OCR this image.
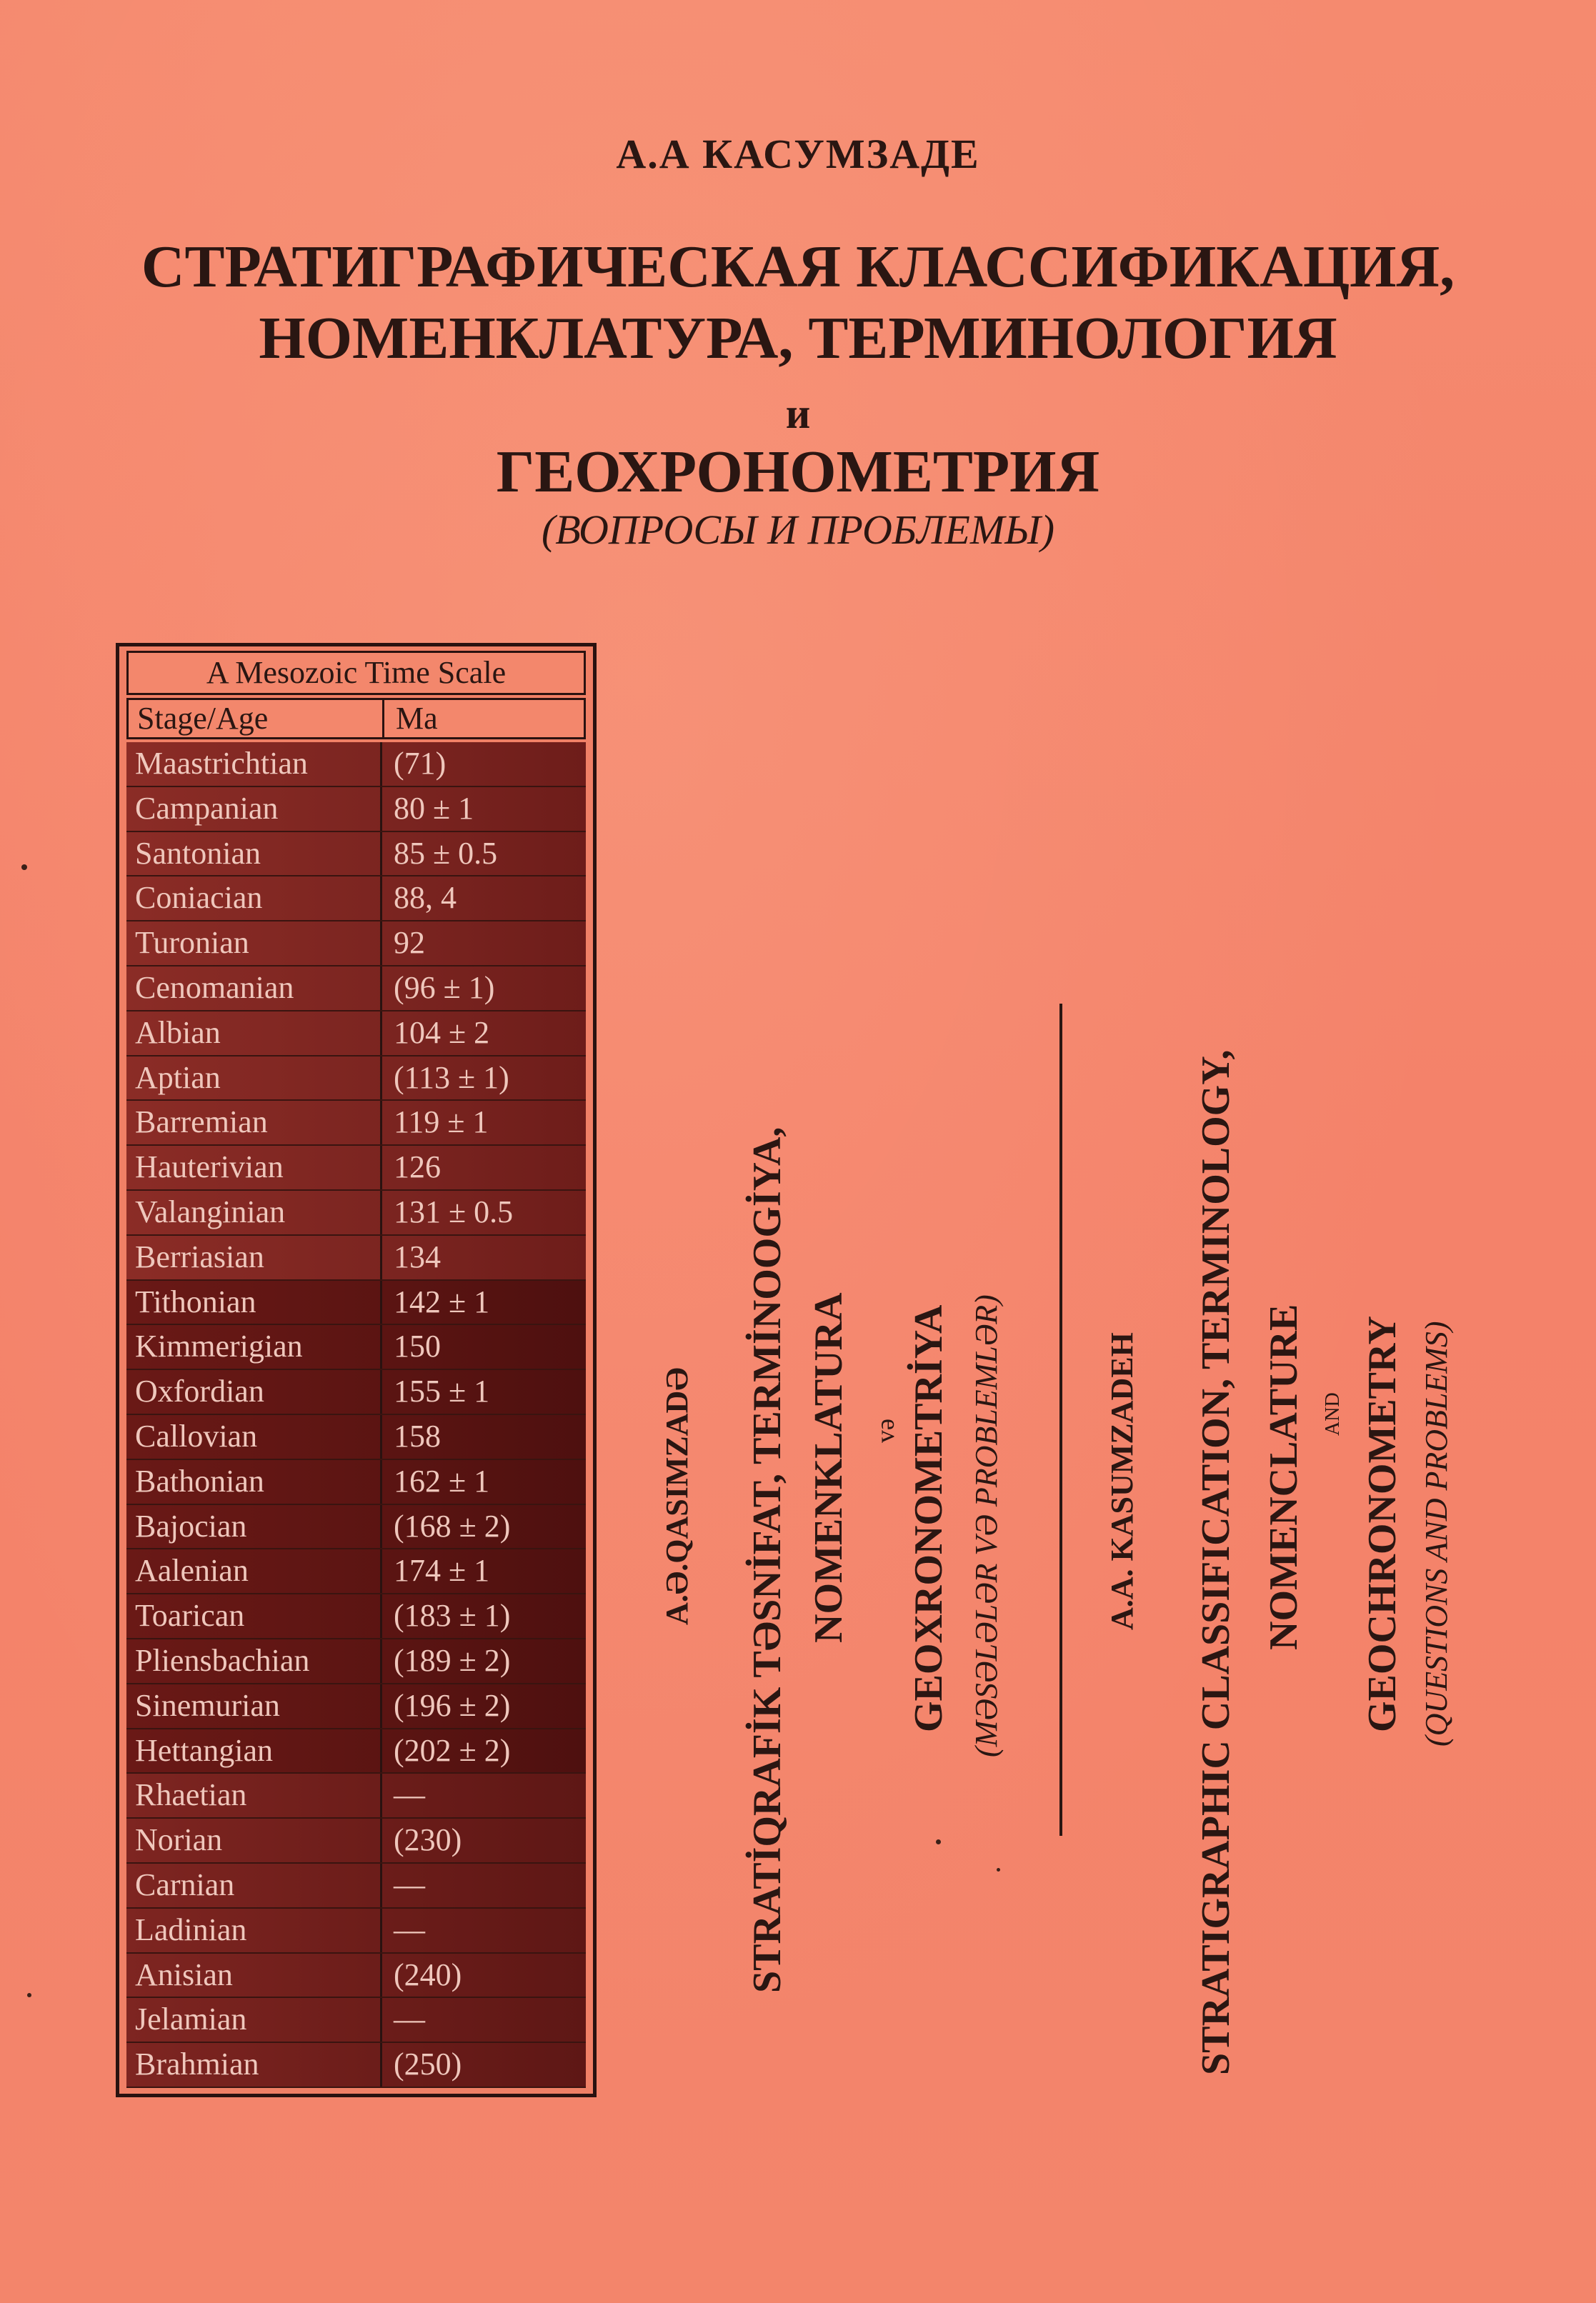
А.А КАСУМЗАДЕ
СТРАТИГРАФИЧЕСКАЯ КЛАССИФИКАЦИЯ,
НОМЕНКЛАТУРА, ТЕРМИНОЛОГИЯ
и
ГЕОХРОНОМЕТРИЯ
(ВОПРОСЫ И ПРОБЛЕМЫ)
A Mesozoic Time Scale
Stage/Age	Ma
Maastrichtian	(71)
Campanian	80 ± 1
Santonian	85 ± 0.5
Coniacian	88, 4
Turonian	92
Cenomanian	(96 ± 1)
Albian	104 ± 2
Aptian	(113 ± 1)
Barremian	119 ± 1
Hauterivian	126
Valanginian	131 ± 0.5
Berriasian	134
Tithonian	142 ± 1
Kimmerigian	150
Oxfordian	155 ± 1
Callovian	158
Bathonian	162 ± 1
Bajocian	(168 ± 2)
Aalenian	174 ± 1
Toarican	(183 ± 1)
Pliensbachian	(189 ± 2)
Sinemurian	(196 ± 2)
Hettangian	(202 ± 2)
Rhaetian	—
Norian	(230)
Carnian	—
Ladinian	—
Anisian	(240)
Jelamian	—
Brahmian	(250)
A.Ə.QASIMZADƏ STRATİQRAFİK TƏSNİFAT, TERMİNOOGİYA, NOMENKLATURA və GEOXRONOMETRİYA (MƏSƏLƏLƏR VƏ PROBLEMLƏR)	A.A. KASUMZADEH STRATIGRAPHIC CLASSIFICATION, TERMINOLOGY, NOMENCLATURE AND GEOCHRONOMETRY (QUESTIONS AND PROBLEMS)
